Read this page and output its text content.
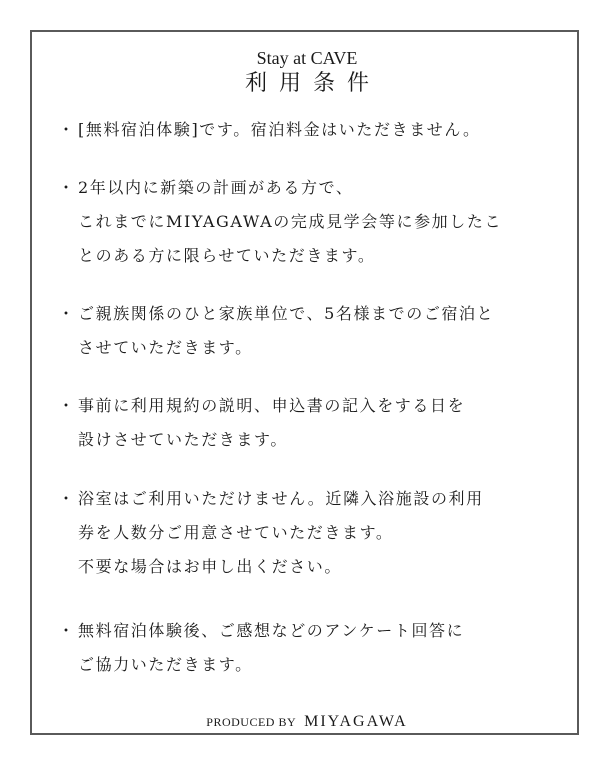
Stay at CAVE
利用条件
・ [無料宿泊体験]です。宿泊料金はいただきません。
・ 2年以内に新築の計画がある方で、
これまでにMIYAGAWAの完成見学会等に参加したこ
とのある方に限らせていただきます。
・ ご親族関係のひと家族単位で、5名様までのご宿泊と
させていただきます。
・ 事前に利用規約の説明、申込書の記入をする日を
設けさせていただきます。
・ 浴室はご利用いただけません。近隣入浴施設の利用
券を人数分ご用意させていただきます。
不要な場合はお申し出ください。
・ 無料宿泊体験後、ご感想などのアンケート回答に
ご協力いただきます。
PRODUCED BY MIYAGAWA
